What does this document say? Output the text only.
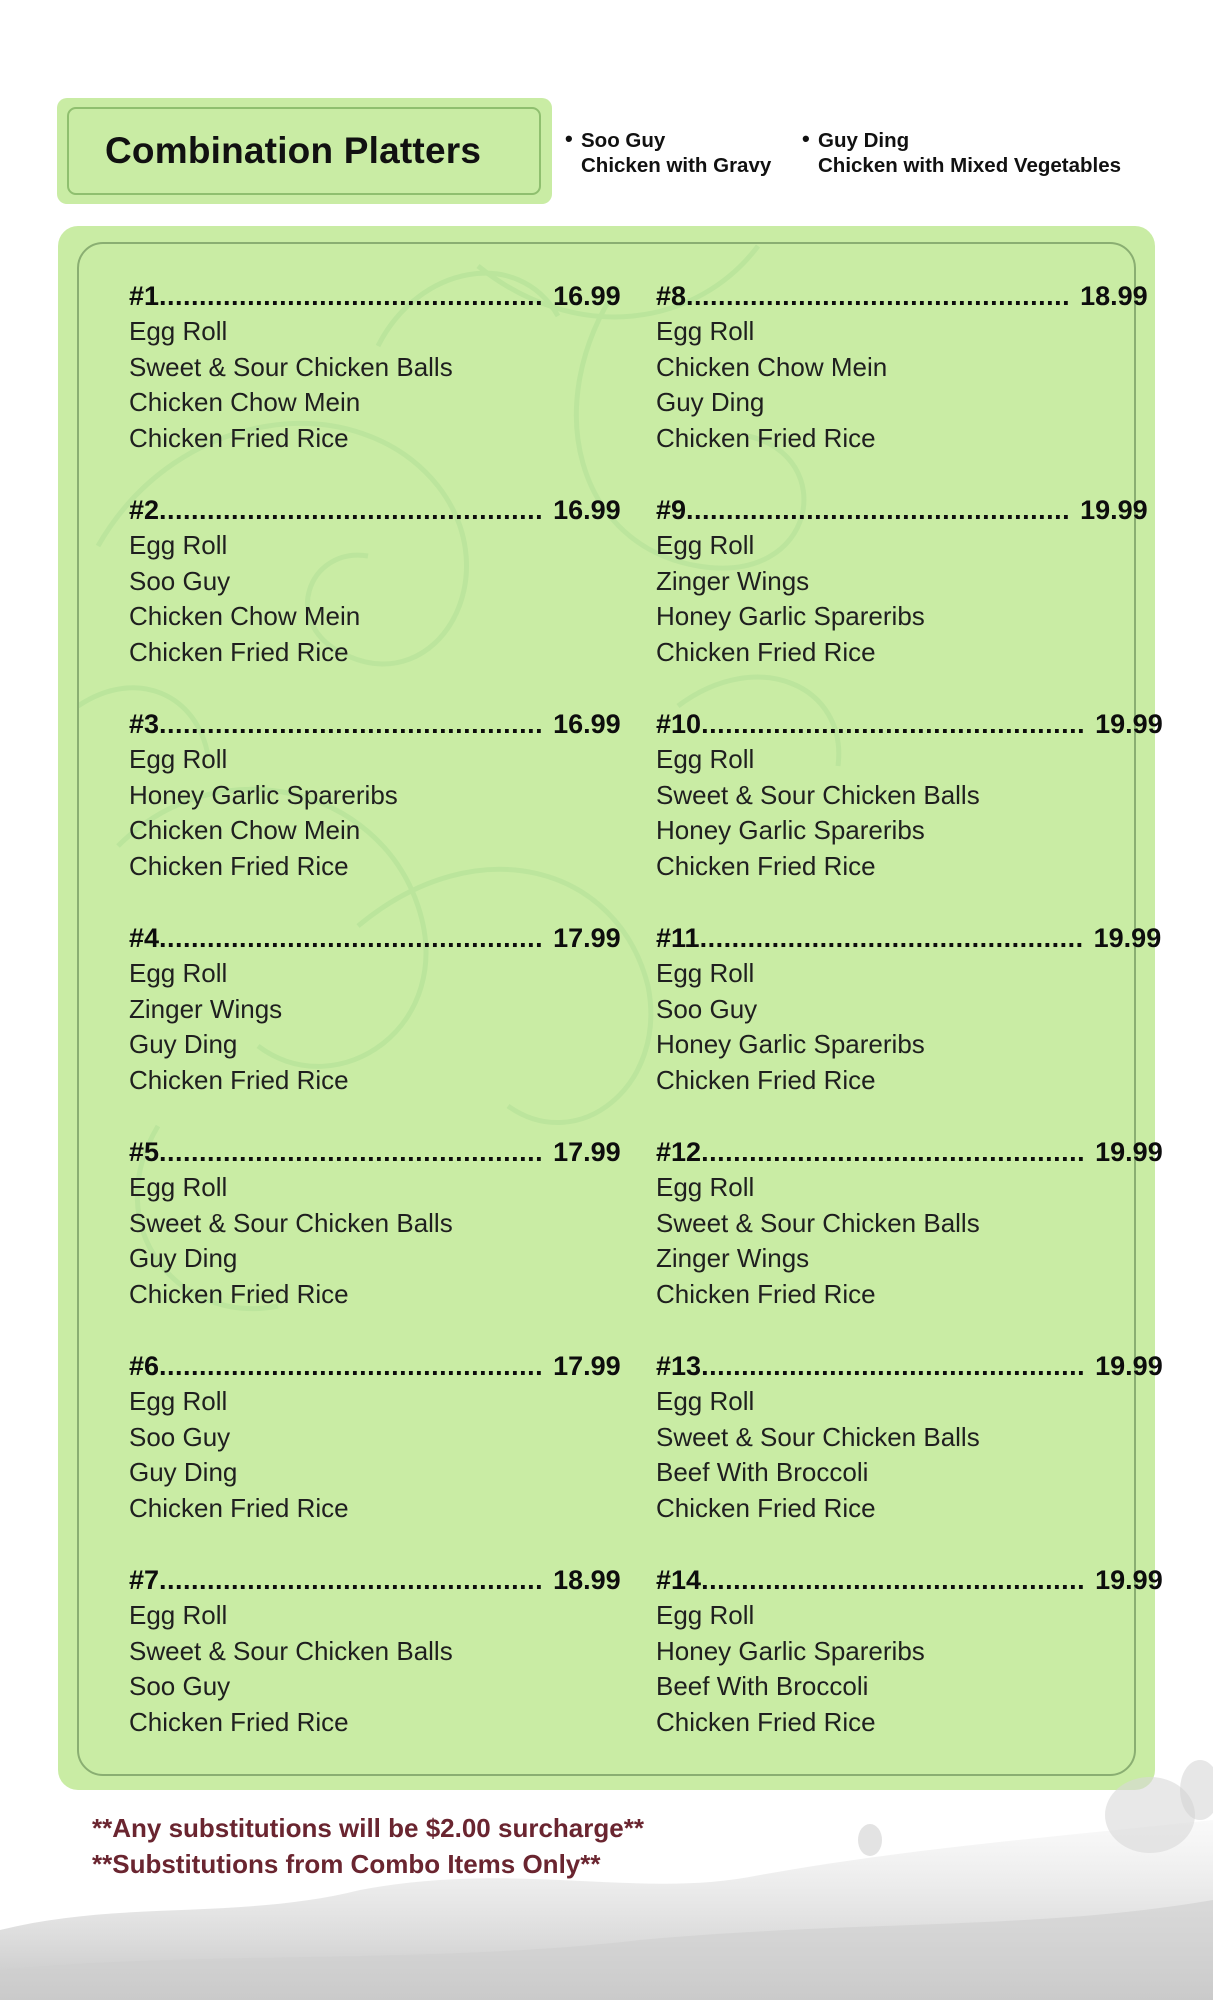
Combination Platters	• Soo Guy
Chicken with Gravy
• Guy Ding
Chicken with Mixed Vegetables
#1 ................................................ 16.99
Egg Roll
Sweet & Sour Chicken Balls
Chicken Chow Mein
Chicken Fried Rice
#2 ................................................ 16.99
Egg Roll
Soo Guy
Chicken Chow Mein
Chicken Fried Rice
#3 ................................................ 16.99
Egg Roll
Honey Garlic Spareribs
Chicken Chow Mein
Chicken Fried Rice
#4 ................................................ 17.99
Egg Roll
Zinger Wings
Guy Ding
Chicken Fried Rice
#5 ................................................ 17.99
Egg Roll
Sweet & Sour Chicken Balls
Guy Ding
Chicken Fried Rice
#6 ................................................ 17.99
Egg Roll
Soo Guy
Guy Ding
Chicken Fried Rice
#7 ................................................ 18.99
Egg Roll
Sweet & Sour Chicken Balls
Soo Guy
Chicken Fried Rice
#8 ................................................ 18.99
Egg Roll
Chicken Chow Mein
Guy Ding
Chicken Fried Rice
#9 ................................................ 19.99
Egg Roll
Zinger Wings
Honey Garlic Spareribs
Chicken Fried Rice
#10 ................................................ 19.99
Egg Roll
Sweet & Sour Chicken Balls
Honey Garlic Spareribs
Chicken Fried Rice
#11 ................................................ 19.99
Egg Roll
Soo Guy
Honey Garlic Spareribs
Chicken Fried Rice
#12 ................................................ 19.99
Egg Roll
Sweet & Sour Chicken Balls
Zinger Wings
Chicken Fried Rice
#13 ................................................ 19.99
Egg Roll
Sweet & Sour Chicken Balls
Beef With Broccoli
Chicken Fried Rice
#14 ................................................ 19.99
Egg Roll
Honey Garlic Spareribs
Beef With Broccoli
Chicken Fried Rice
**Any substitutions will be $2.00 surcharge**
**Substitutions from Combo Items Only**
